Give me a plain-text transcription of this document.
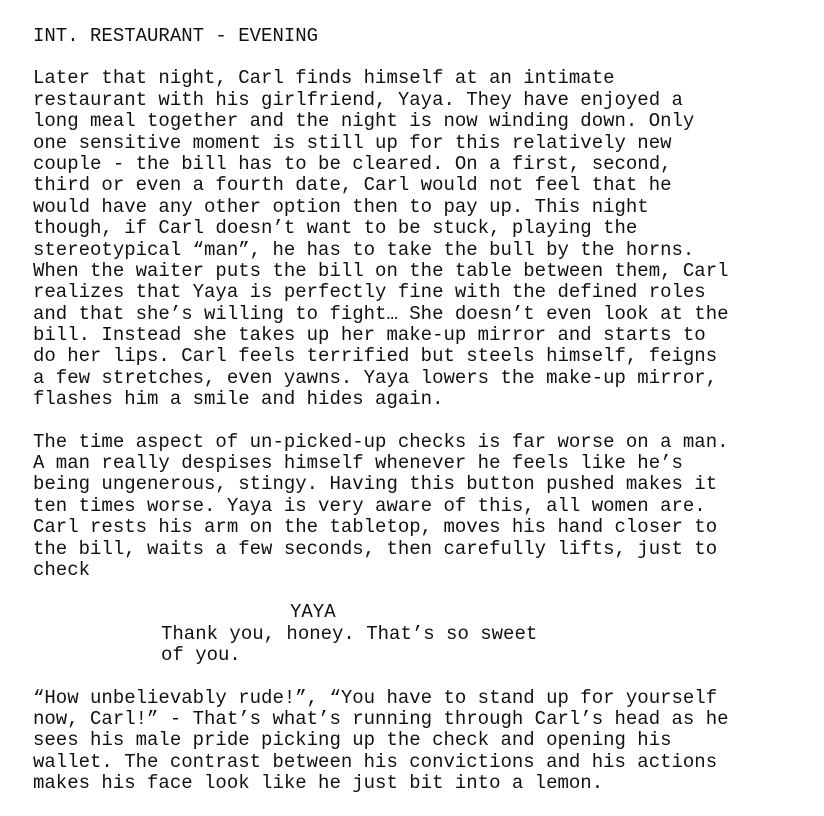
INT. RESTAURANT - EVENING
Later that night, Carl finds himself at an intimate
restaurant with his girlfriend, Yaya. They have enjoyed a
long meal together and the night is now winding down. Only
one sensitive moment is still up for this relatively new
couple - the bill has to be cleared. On a first, second,
third or even a fourth date, Carl would not feel that he
would have any other option then to pay up. This night
though, if Carl doesn’t want to be stuck, playing the
stereotypical “man”, he has to take the bull by the horns.
When the waiter puts the bill on the table between them, Carl
realizes that Yaya is perfectly fine with the defined roles
and that she’s willing to fight… She doesn’t even look at the
bill. Instead she takes up her make-up mirror and starts to
do her lips. Carl feels terrified but steels himself, feigns
a few stretches, even yawns. Yaya lowers the make-up mirror,
flashes him a smile and hides again.
The time aspect of un-picked-up checks is far worse on a man.
A man really despises himself whenever he feels like he’s
being ungenerous, stingy. Having this button pushed makes it
ten times worse. Yaya is very aware of this, all women are.
Carl rests his arm on the tabletop, moves his hand closer to
the bill, waits a few seconds, then carefully lifts, just to
check
YAYA
Thank you, honey. That’s so sweet
of you.
“How unbelievably rude!”, “You have to stand up for yourself
now, Carl!” - That’s what’s running through Carl’s head as he
sees his male pride picking up the check and opening his
wallet. The contrast between his convictions and his actions
makes his face look like he just bit into a lemon.
